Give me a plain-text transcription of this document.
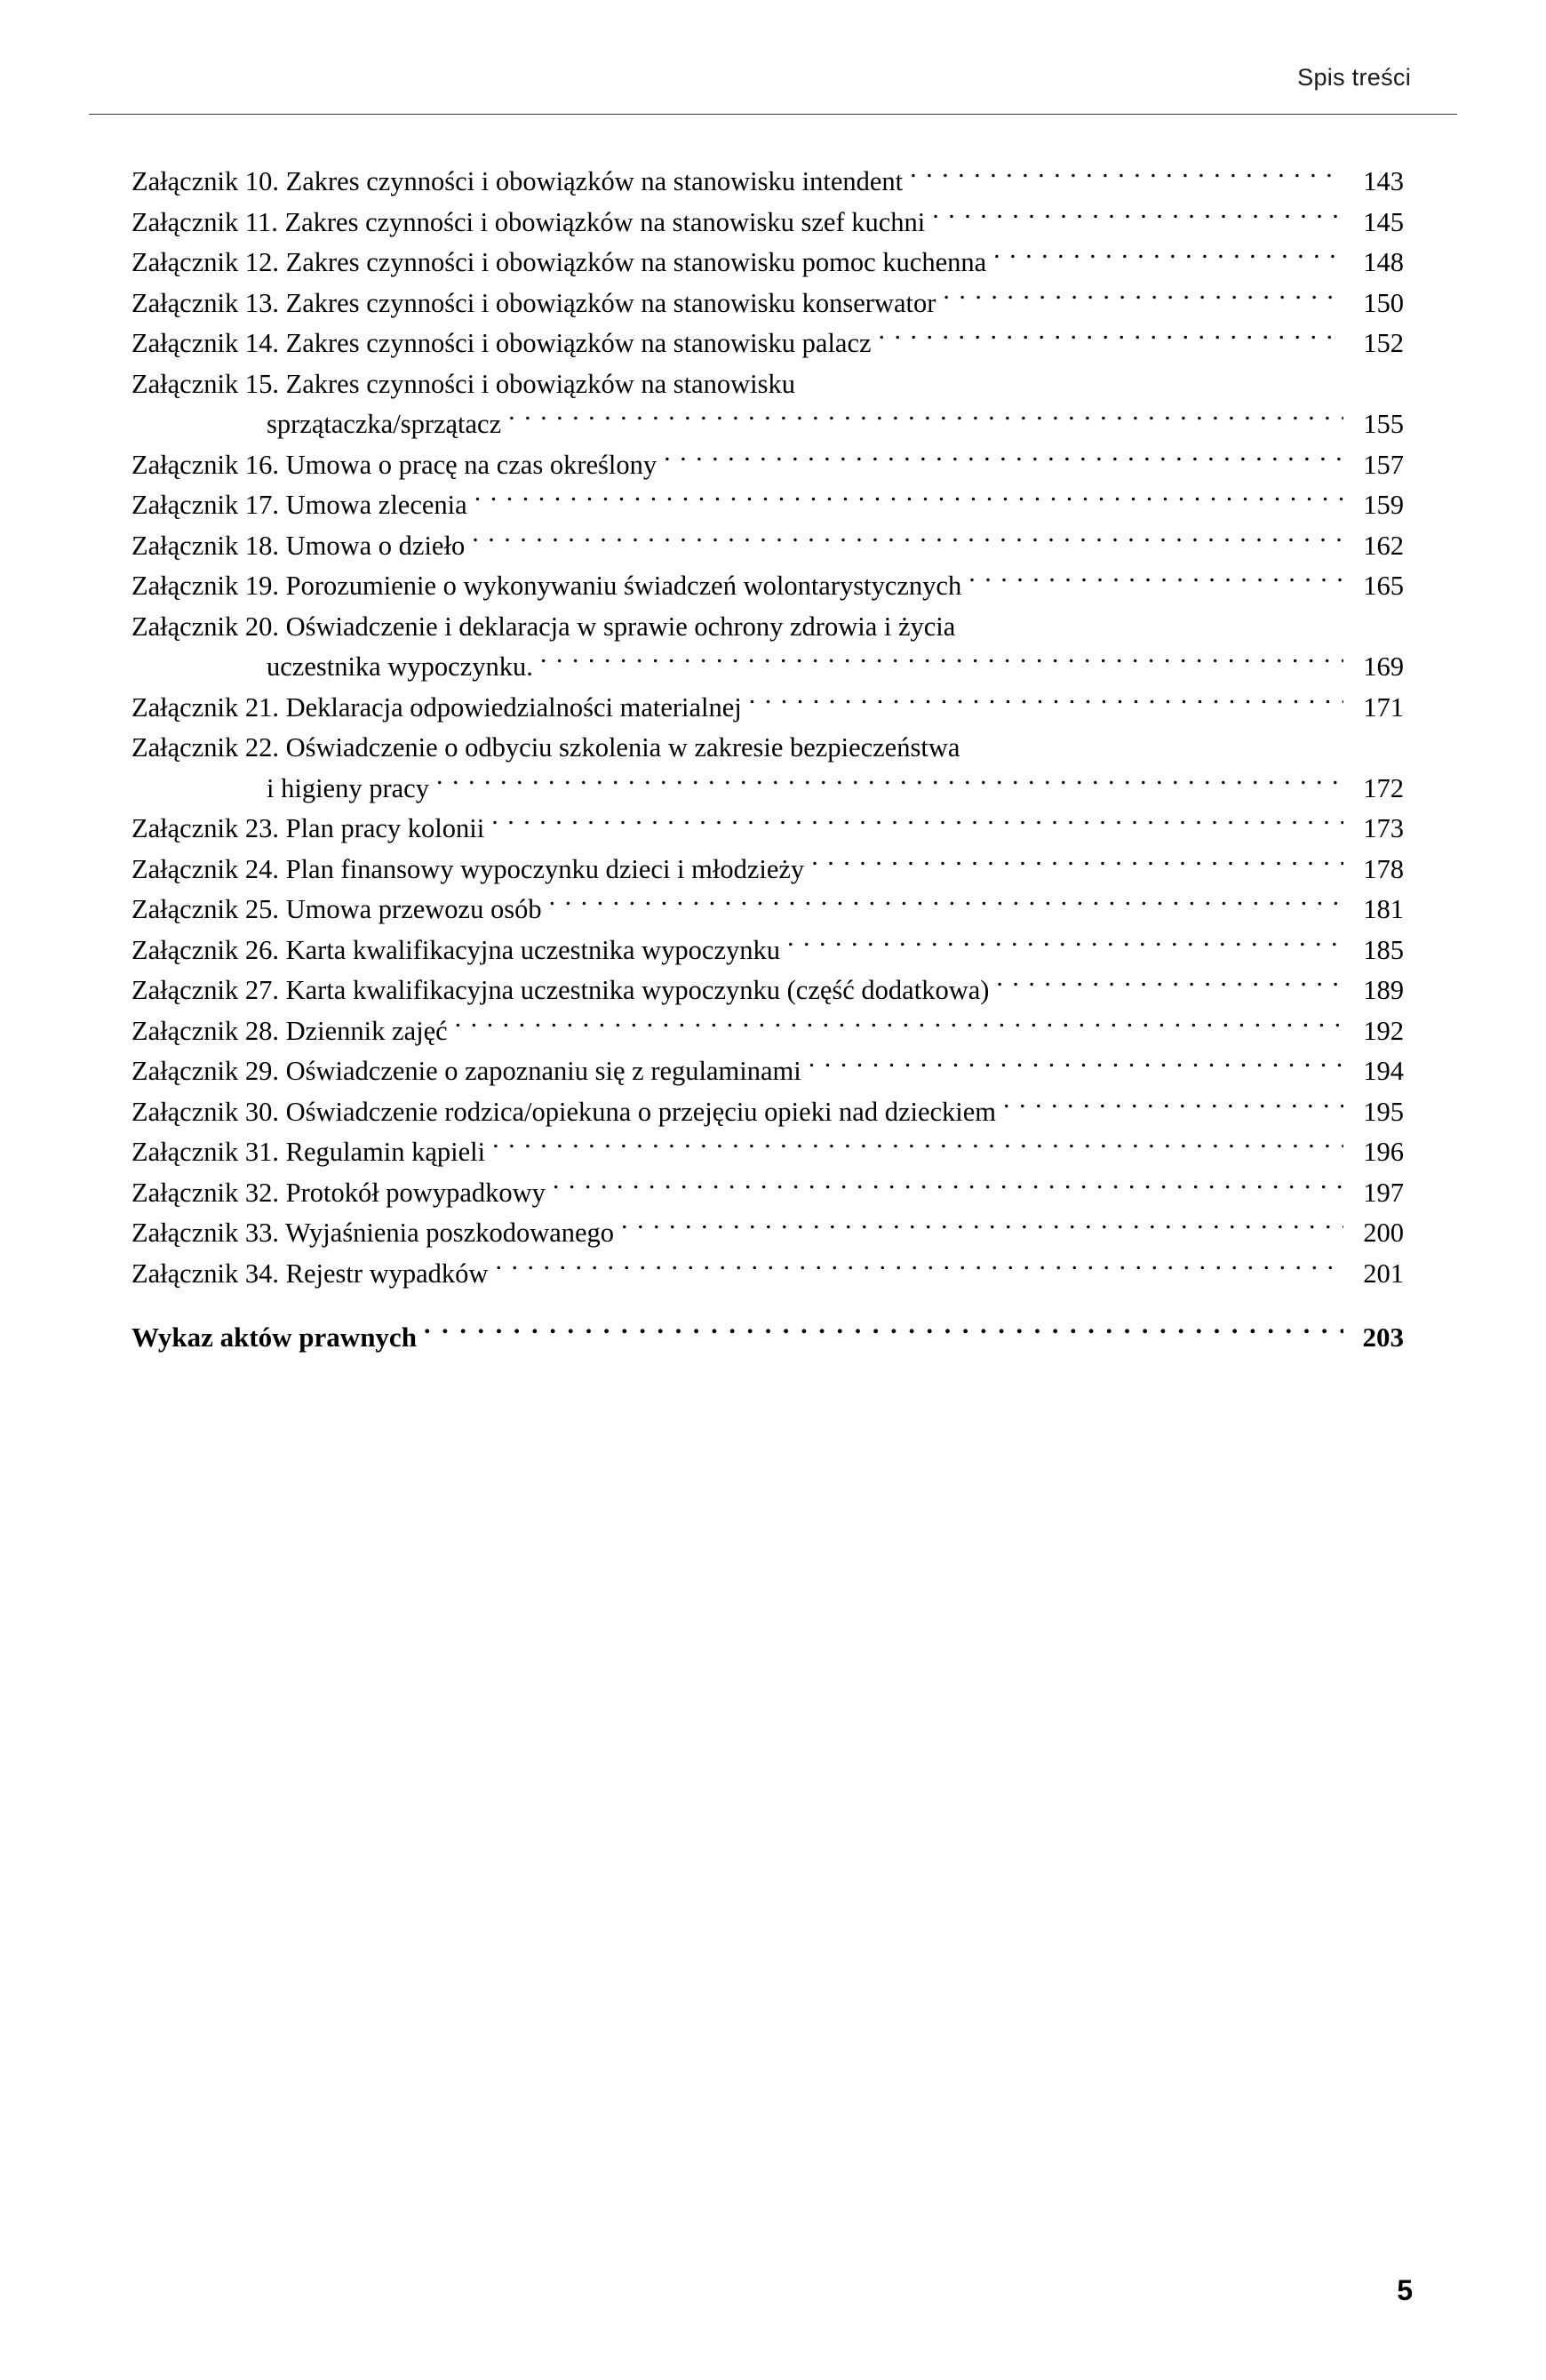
Spis treści
Załącznik 10. Zakres czynności i obowiązków na stanowisku intendent . . .	143
Załącznik 11. Zakres czynności i obowiązków na stanowisku szef kuchni . . .	145
Załącznik 12. Zakres czynności i obowiązków na stanowisku pomoc kuchenna . . .	148
Załącznik 13. Zakres czynności i obowiązków na stanowisku konserwator . . .	150
Załącznik 14. Zakres czynności i obowiązków na stanowisku palacz . . .	152
Załącznik 15. Zakres czynności i obowiązków na stanowisku
sprzątaczka/sprzątacz . . .	155
Załącznik 16. Umowa o pracę na czas określony . . .	157
Załącznik 17. Umowa zlecenia . . .	159
Załącznik 18. Umowa o dzieło . . .	162
Załącznik 19. Porozumienie o wykonywaniu świadczeń wolontarystycznych . . .	165
Załącznik 20. Oświadczenie i deklaracja w sprawie ochrony zdrowia i życia
uczestnika wypoczynku. . . .	169
Załącznik 21. Deklaracja odpowiedzialności materialnej . . .	171
Załącznik 22. Oświadczenie o odbyciu szkolenia w zakresie bezpieczeństwa
i higieny pracy . . .	172
Załącznik 23. Plan pracy kolonii . . .	173
Załącznik 24. Plan finansowy wypoczynku dzieci i młodzieży . . .	178
Załącznik 25. Umowa przewozu osób . . .	181
Załącznik 26. Karta kwalifikacyjna uczestnika wypoczynku . . .	185
Załącznik 27. Karta kwalifikacyjna uczestnika wypoczynku (część dodatkowa) . . .	189
Załącznik 28. Dziennik zajęć . . .	192
Załącznik 29. Oświadczenie o zapoznaniu się z regulaminami . . .	194
Załącznik 30. Oświadczenie rodzica/opiekuna o przejęciu opieki nad dzieckiem . . .	195
Załącznik 31. Regulamin kąpieli . . .	196
Załącznik 32. Protokół powypadkowy . . .	197
Załącznik 33. Wyjaśnienia poszkodowanego . . .	200
Załącznik 34. Rejestr wypadków . . .	201
Wykaz aktów prawnych . . .	203
5
